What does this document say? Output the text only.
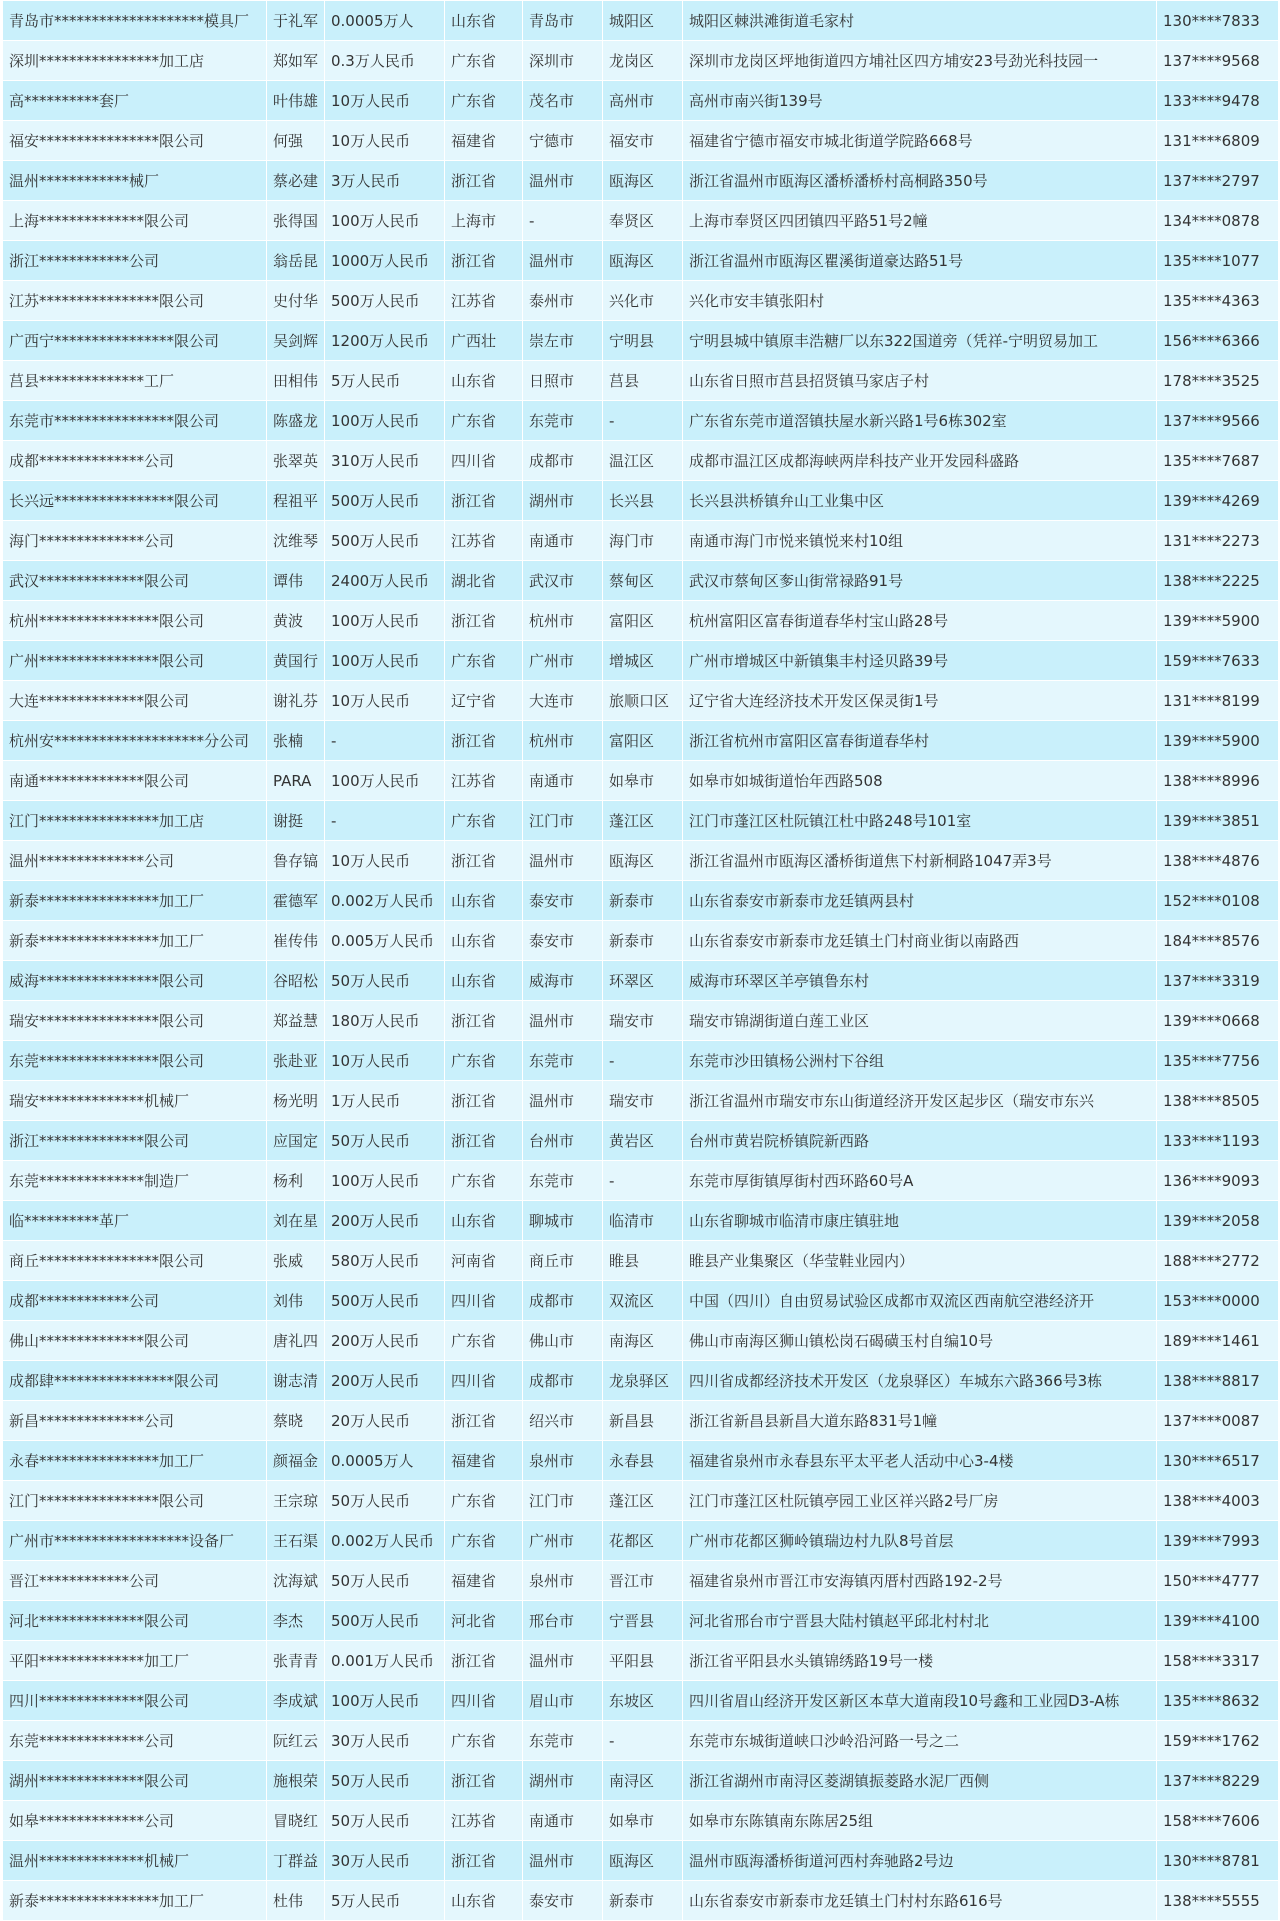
青岛市********************模具厂	于礼军	0.0005万人	山东省	青岛市	城阳区	城阳区棘洪滩街道毛家村	130****7833
深圳****************加工店	郑如军	0.3万人民币	广东省	深圳市	龙岗区	深圳市龙岗区坪地街道四方埔社区四方埔安23号劲光科技园一	137****9568
高**********套厂	叶伟雄	10万人民币	广东省	茂名市	高州市	高州市南兴街139号	133****9478
福安****************限公司	何强	10万人民币	福建省	宁德市	福安市	福建省宁德市福安市城北街道学院路668号	131****6809
温州************械厂	蔡必建	3万人民币	浙江省	温州市	瓯海区	浙江省温州市瓯海区潘桥潘桥村高桐路350号	137****2797
上海**************限公司	张得国	100万人民币	上海市	-	奉贤区	上海市奉贤区四团镇四平路51号2幢	134****0878
浙江************公司	翁岳昆	1000万人民币	浙江省	温州市	瓯海区	浙江省温州市瓯海区瞿溪街道豪达路51号	135****1077
江苏****************限公司	史付华	500万人民币	江苏省	泰州市	兴化市	兴化市安丰镇张阳村	135****4363
广西宁****************限公司	吴剑辉	1200万人民币	广西壮	崇左市	宁明县	宁明县城中镇原丰浩糖厂以东322国道旁（凭祥-宁明贸易加工	156****6366
莒县**************工厂	田相伟	5万人民币	山东省	日照市	莒县	山东省日照市莒县招贤镇马家店子村	178****3525
东莞市****************限公司	陈盛龙	100万人民币	广东省	东莞市	-	广东省东莞市道滘镇扶屋水新兴路1号6栋302室	137****9566
成都**************公司	张翠英	310万人民币	四川省	成都市	温江区	成都市温江区成都海峡两岸科技产业开发园科盛路	135****7687
长兴远****************限公司	程祖平	500万人民币	浙江省	湖州市	长兴县	长兴县洪桥镇弁山工业集中区	139****4269
海门**************公司	沈维琴	500万人民币	江苏省	南通市	海门市	南通市海门市悦来镇悦来村10组	131****2273
武汉**************限公司	谭伟	2400万人民币	湖北省	武汉市	蔡甸区	武汉市蔡甸区奓山街常禄路91号	138****2225
杭州****************限公司	黄波	100万人民币	浙江省	杭州市	富阳区	杭州富阳区富春街道春华村宝山路28号	139****5900
广州****************限公司	黄国行	100万人民币	广东省	广州市	增城区	广州市增城区中新镇集丰村迳贝路39号	159****7633
大连**************限公司	谢礼芬	10万人民币	辽宁省	大连市	旅顺口区	辽宁省大连经济技术开发区保灵街1号	131****8199
杭州安********************分公司	张楠	-	浙江省	杭州市	富阳区	浙江省杭州市富阳区富春街道春华村	139****5900
南通**************限公司	PARA	100万人民币	江苏省	南通市	如皋市	如皋市如城街道怡年西路508	138****8996
江门****************加工店	谢挺	-	广东省	江门市	蓬江区	江门市蓬江区杜阮镇江杜中路248号101室	139****3851
温州**************公司	鲁存镐	10万人民币	浙江省	温州市	瓯海区	浙江省温州市瓯海区潘桥街道焦下村新桐路1047弄3号	138****4876
新泰****************加工厂	霍德军	0.002万人民币	山东省	泰安市	新泰市	山东省泰安市新泰市龙廷镇两县村	152****0108
新泰****************加工厂	崔传伟	0.005万人民币	山东省	泰安市	新泰市	山东省泰安市新泰市龙廷镇土门村商业街以南路西	184****8576
威海****************限公司	谷昭松	50万人民币	山东省	威海市	环翠区	威海市环翠区羊亭镇鲁东村	137****3319
瑞安****************限公司	郑益慧	180万人民币	浙江省	温州市	瑞安市	瑞安市锦湖街道白莲工业区	139****0668
东莞****************限公司	张赴亚	10万人民币	广东省	东莞市	-	东莞市沙田镇杨公洲村下谷组	135****7756
瑞安**************机械厂	杨光明	1万人民币	浙江省	温州市	瑞安市	浙江省温州市瑞安市东山街道经济开发区起步区（瑞安市东兴	138****8505
浙江**************限公司	应国定	50万人民币	浙江省	台州市	黄岩区	台州市黄岩院桥镇院新西路	133****1193
东莞**************制造厂	杨利	100万人民币	广东省	东莞市	-	东莞市厚街镇厚街村西环路60号A	136****9093
临**********革厂	刘在星	200万人民币	山东省	聊城市	临清市	山东省聊城市临清市康庄镇驻地	139****2058
商丘****************限公司	张威	580万人民币	河南省	商丘市	睢县	睢县产业集聚区（华莹鞋业园内）	188****2772
成都************公司	刘伟	500万人民币	四川省	成都市	双流区	中国（四川）自由贸易试验区成都市双流区西南航空港经济开	153****0000
佛山**************限公司	唐礼四	200万人民币	广东省	佛山市	南海区	佛山市南海区狮山镇松岗石碣磺玉村自编10号	189****1461
成都肆****************限公司	谢志清	200万人民币	四川省	成都市	龙泉驿区	四川省成都经济技术开发区（龙泉驿区）车城东六路366号3栋	138****8817
新昌**************公司	蔡晓	20万人民币	浙江省	绍兴市	新昌县	浙江省新昌县新昌大道东路831号1幢	137****0087
永春****************加工厂	颜福金	0.0005万人	福建省	泉州市	永春县	福建省泉州市永春县东平太平老人活动中心3-4楼	130****6517
江门****************限公司	王宗琼	50万人民币	广东省	江门市	蓬江区	江门市蓬江区杜阮镇亭园工业区祥兴路2号厂房	138****4003
广州市******************设备厂	王石渠	0.002万人民币	广东省	广州市	花都区	广州市花都区狮岭镇瑞边村九队8号首层	139****7993
晋江************公司	沈海斌	50万人民币	福建省	泉州市	晋江市	福建省泉州市晋江市安海镇丙厝村西路192-2号	150****4777
河北**************限公司	李杰	500万人民币	河北省	邢台市	宁晋县	河北省邢台市宁晋县大陆村镇赵平邱北村村北	139****4100
平阳**************加工厂	张青青	0.001万人民币	浙江省	温州市	平阳县	浙江省平阳县水头镇锦绣路19号一楼	158****3317
四川**************限公司	李成斌	100万人民币	四川省	眉山市	东坡区	四川省眉山经济开发区新区本草大道南段10号鑫和工业园D3-A栋	135****8632
东莞**************公司	阮红云	30万人民币	广东省	东莞市	-	东莞市东城街道峡口沙岭沿河路一号之二	159****1762
湖州**************限公司	施根荣	50万人民币	浙江省	湖州市	南浔区	浙江省湖州市南浔区菱湖镇振菱路水泥厂西侧	137****8229
如皋**************公司	冒晓红	50万人民币	江苏省	南通市	如皋市	如皋市东陈镇南东陈居25组	158****7606
温州**************机械厂	丁群益	30万人民币	浙江省	温州市	瓯海区	温州市瓯海潘桥街道河西村奔驰路2号边	130****8781
新泰****************加工厂	杜伟	5万人民币	山东省	泰安市	新泰市	山东省泰安市新泰市龙廷镇土门村村东路616号	138****5555
